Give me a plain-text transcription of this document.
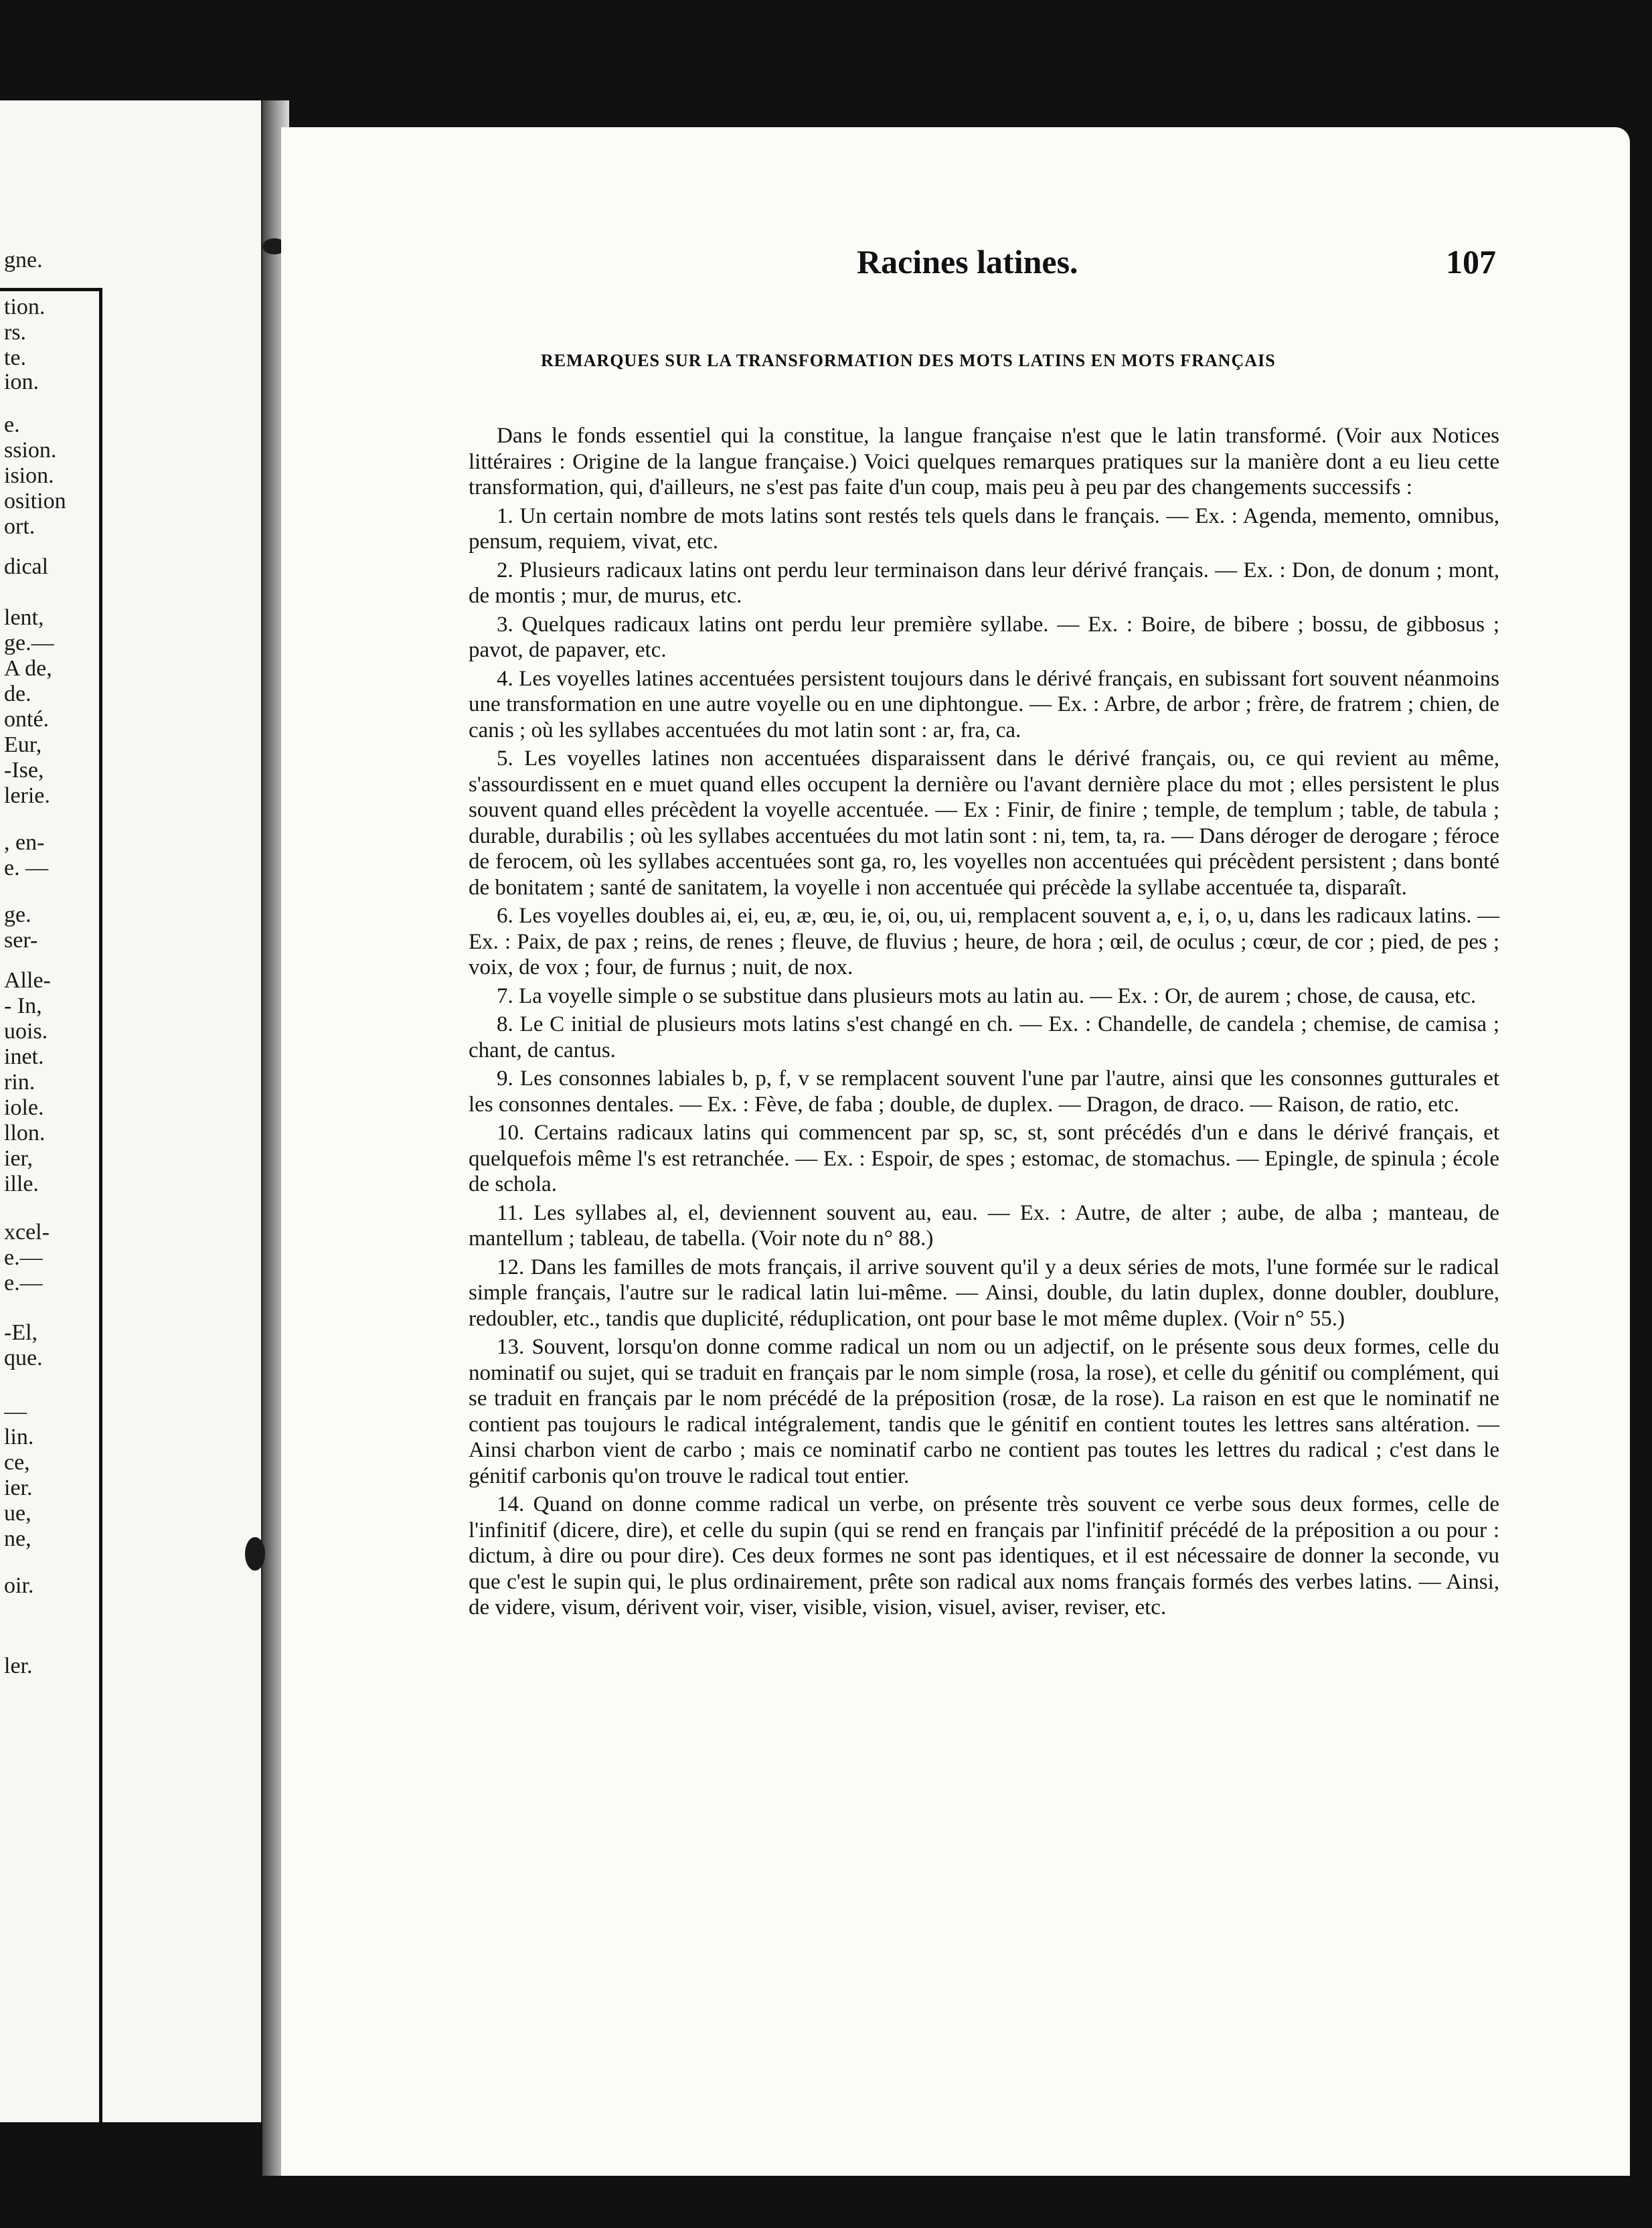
gne.
tion.
rs.
te.
ion.
e.
ssion.
ision.
osition
ort.
dical
lent,
ge.—
A de,
de.
onté.
Eur,
-Ise,
lerie.
, en-
e. —
ge.
ser-
Alle-
- In,
uois.
inet.
rin.
iole.
llon.
ier,
ille.
xcel-
e.—
e.—
-El,
que.
—
lin.
ce,
ier.
ue,
ne,
oir.
ler.
Racines latines.	107
REMARQUES SUR LA TRANSFORMATION DES MOTS LATINS EN MOTS FRANÇAIS

Dans le fonds essentiel qui la constitue, la langue française n'est que le latin transformé. (Voir aux Notices littéraires : Origine de la langue française.) Voici quelques remarques pratiques sur la manière dont a eu lieu cette transformation, qui, d'ailleurs, ne s'est pas faite d'un coup, mais peu à peu par des changements successifs :

1. Un certain nombre de mots latins sont restés tels quels dans le français. — Ex. : Agenda, memento, omnibus, pensum, requiem, vivat, etc.

2. Plusieurs radicaux latins ont perdu leur terminaison dans leur dérivé français. — Ex. : Don, de donum ; mont, de montis ; mur, de murus, etc.

3. Quelques radicaux latins ont perdu leur première syllabe. — Ex. : Boire, de bibere ; bossu, de gibbosus ; pavot, de papaver, etc.

4. Les voyelles latines accentuées persistent toujours dans le dérivé français, en subissant fort souvent néanmoins une transformation en une autre voyelle ou en une diphtongue. — Ex. : Arbre, de arbor ; frère, de fratrem ; chien, de canis ; où les syllabes accentuées du mot latin sont : ar, fra, ca.

5. Les voyelles latines non accentuées disparaissent dans le dérivé français, ou, ce qui revient au même, s'assourdissent en e muet quand elles occupent la dernière ou l'avant dernière place du mot ; elles persistent le plus souvent quand elles précèdent la voyelle accentuée. — Ex : Finir, de finire ; temple, de templum ; table, de tabula ; durable, durabilis ; où les syllabes accentuées du mot latin sont : ni, tem, ta, ra. — Dans déroger de derogare ; féroce de ferocem, où les syllabes accentuées sont ga, ro, les voyelles non accentuées qui précèdent persistent ; dans bonté de bonitatem ; santé de sanitatem, la voyelle i non accentuée qui précède la syllabe accentuée ta, disparaît.

6. Les voyelles doubles ai, ei, eu, æ, œu, ie, oi, ou, ui, remplacent souvent a, e, i, o, u, dans les radicaux latins. — Ex. : Paix, de pax ; reins, de renes ; fleuve, de fluvius ; heure, de hora ; œil, de oculus ; cœur, de cor ; pied, de pes ; voix, de vox ; four, de furnus ; nuit, de nox.

7. La voyelle simple o se substitue dans plusieurs mots au latin au. — Ex. : Or, de aurem ; chose, de causa, etc.

8. Le C initial de plusieurs mots latins s'est changé en ch. — Ex. : Chandelle, de candela ; chemise, de camisa ; chant, de cantus.

9. Les consonnes labiales b, p, f, v se remplacent souvent l'une par l'autre, ainsi que les consonnes gutturales et les consonnes dentales. — Ex. : Fève, de faba ; double, de duplex. — Dragon, de draco. — Raison, de ratio, etc.

10. Certains radicaux latins qui commencent par sp, sc, st, sont précédés d'un e dans le dérivé français, et quelquefois même l's est retranchée. — Ex. : Espoir, de spes ; estomac, de stomachus. — Epingle, de spinula ; école de schola.

11. Les syllabes al, el, deviennent souvent au, eau. — Ex. : Autre, de alter ; aube, de alba ; manteau, de mantellum ; tableau, de tabella. (Voir note du n° 88.)

12. Dans les familles de mots français, il arrive souvent qu'il y a deux séries de mots, l'une formée sur le radical simple français, l'autre sur le radical latin lui-même. — Ainsi, double, du latin duplex, donne doubler, doublure, redoubler, etc., tandis que duplicité, réduplication, ont pour base le mot même duplex. (Voir n° 55.)

13. Souvent, lorsqu'on donne comme radical un nom ou un adjectif, on le présente sous deux formes, celle du nominatif ou sujet, qui se traduit en français par le nom simple (rosa, la rose), et celle du génitif ou complément, qui se traduit en français par le nom précédé de la préposition (rosæ, de la rose). La raison en est que le nominatif ne contient pas toujours le radical intégralement, tandis que le génitif en contient toutes les lettres sans altération. — Ainsi charbon vient de carbo ; mais ce nominatif carbo ne contient pas toutes les lettres du radical ; c'est dans le génitif carbonis qu'on trouve le radical tout entier.

14. Quand on donne comme radical un verbe, on présente très souvent ce verbe sous deux formes, celle de l'infinitif (dicere, dire), et celle du supin (qui se rend en français par l'infinitif précédé de la préposition a ou pour : dictum, à dire ou pour dire). Ces deux formes ne sont pas identiques, et il est nécessaire de donner la seconde, vu que c'est le supin qui, le plus ordinairement, prête son radical aux noms français formés des verbes latins. — Ainsi, de videre, visum, dérivent voir, viser, visible, vision, visuel, aviser, reviser, etc.
